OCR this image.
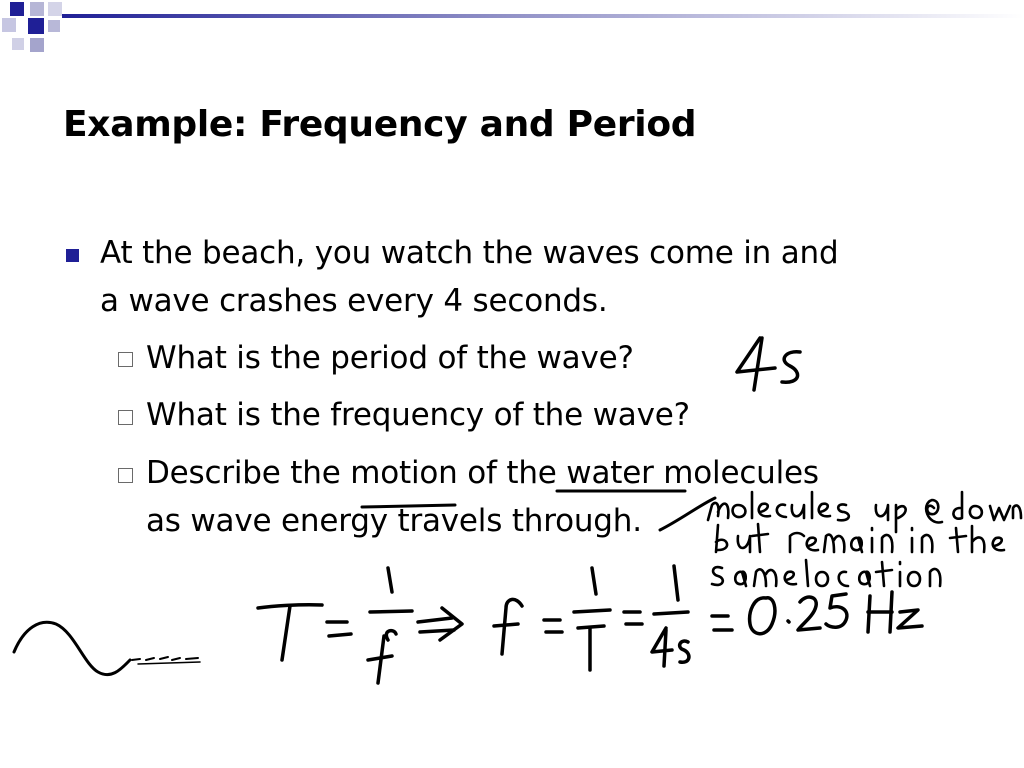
Example: Frequency and Period
At the beach, you watch the waves come in and
a wave crashes every 4 seconds.
What is the period of the wave?
What is the frequency of the wave?
Describe the motion of the water molecules
as wave energy travels through.
